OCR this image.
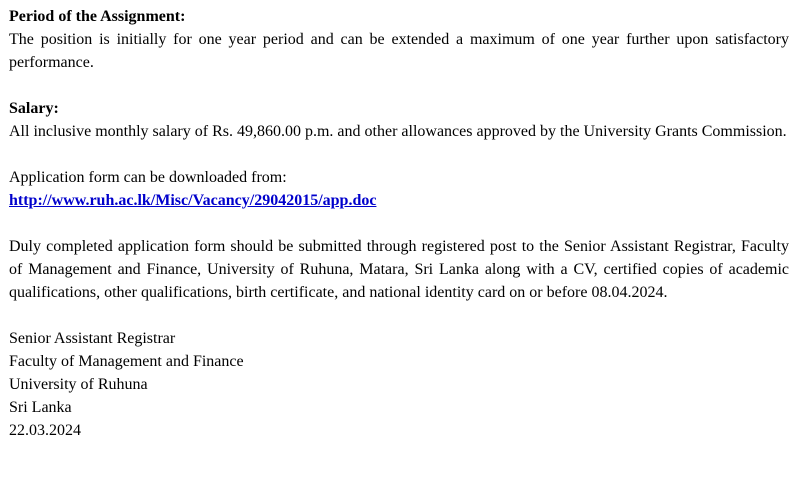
Period of the Assignment:

The position is initially for one year period and can be extended a maximum of one year further upon satisfactory performance.

Salary:

All inclusive monthly salary of Rs. 49,860.00 p.m. and other allowances approved by the University Grants Commission.

Application form can be downloaded from:

http://www.ruh.ac.lk/Misc/Vacancy/29042015/app.doc

Duly completed application form should be submitted through registered post to the Senior Assistant Registrar, Faculty of Management and Finance, University of Ruhuna, Matara, Sri Lanka along with a CV, certified copies of academic qualifications, other qualifications, birth certificate, and national identity card on or before 08.04.2024.

Senior Assistant Registrar
Faculty of Management and Finance
University of Ruhuna
Sri Lanka
22.03.2024
